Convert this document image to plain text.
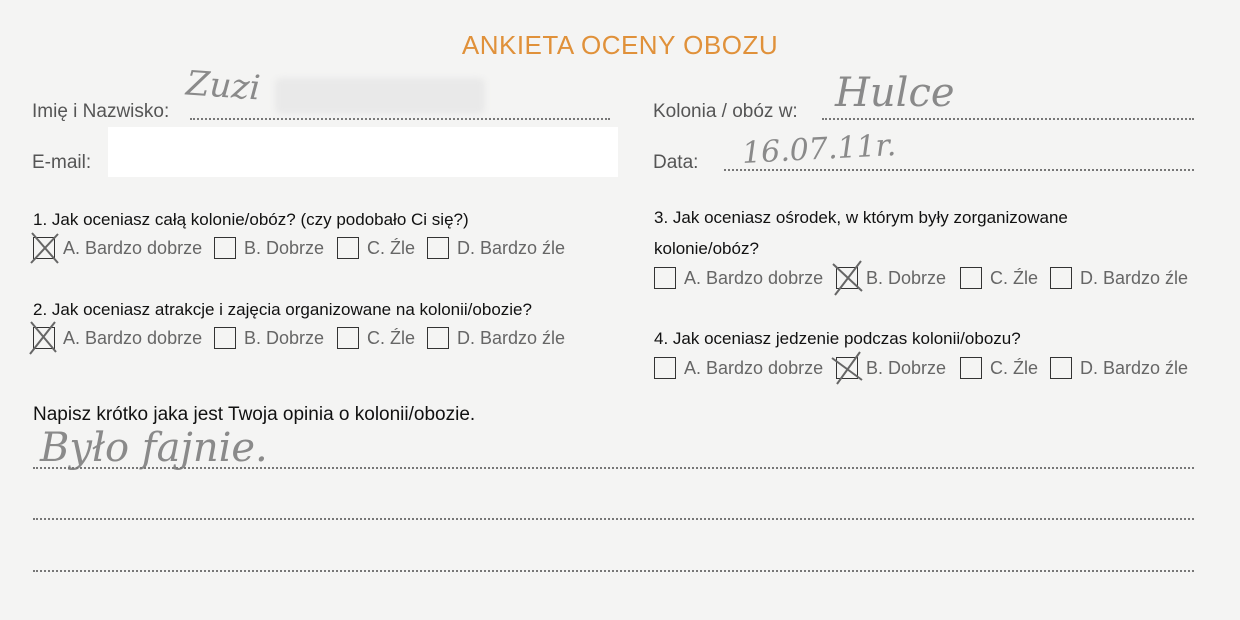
ANKIETA OCENY OBOZU
Imię i Nazwisko:
Zuzi
E-mail:
Kolonia / obóz w: Hulce
Data: 16.07.11r.
1. Jak oceniasz całą kolonie/obóz? (czy podobało Ci się?)
A. Bardzo dobrze B. Dobrze C. Źle D. Bardzo źle
2. Jak oceniasz atrakcje i zajęcia organizowane na kolonii/obozie?
A. Bardzo dobrze B. Dobrze C. Źle D. Bardzo źle
3. Jak oceniasz ośrodek, w którym były zorganizowane
kolonie/obóz?
A. Bardzo dobrze B. Dobrze C. Źle D. Bardzo źle
4. Jak oceniasz jedzenie podczas kolonii/obozu?
A. Bardzo dobrze B. Dobrze C. Źle D. Bardzo źle
Napisz krótko jaka jest Twoja opinia o kolonii/obozie.
Było fajnie.
